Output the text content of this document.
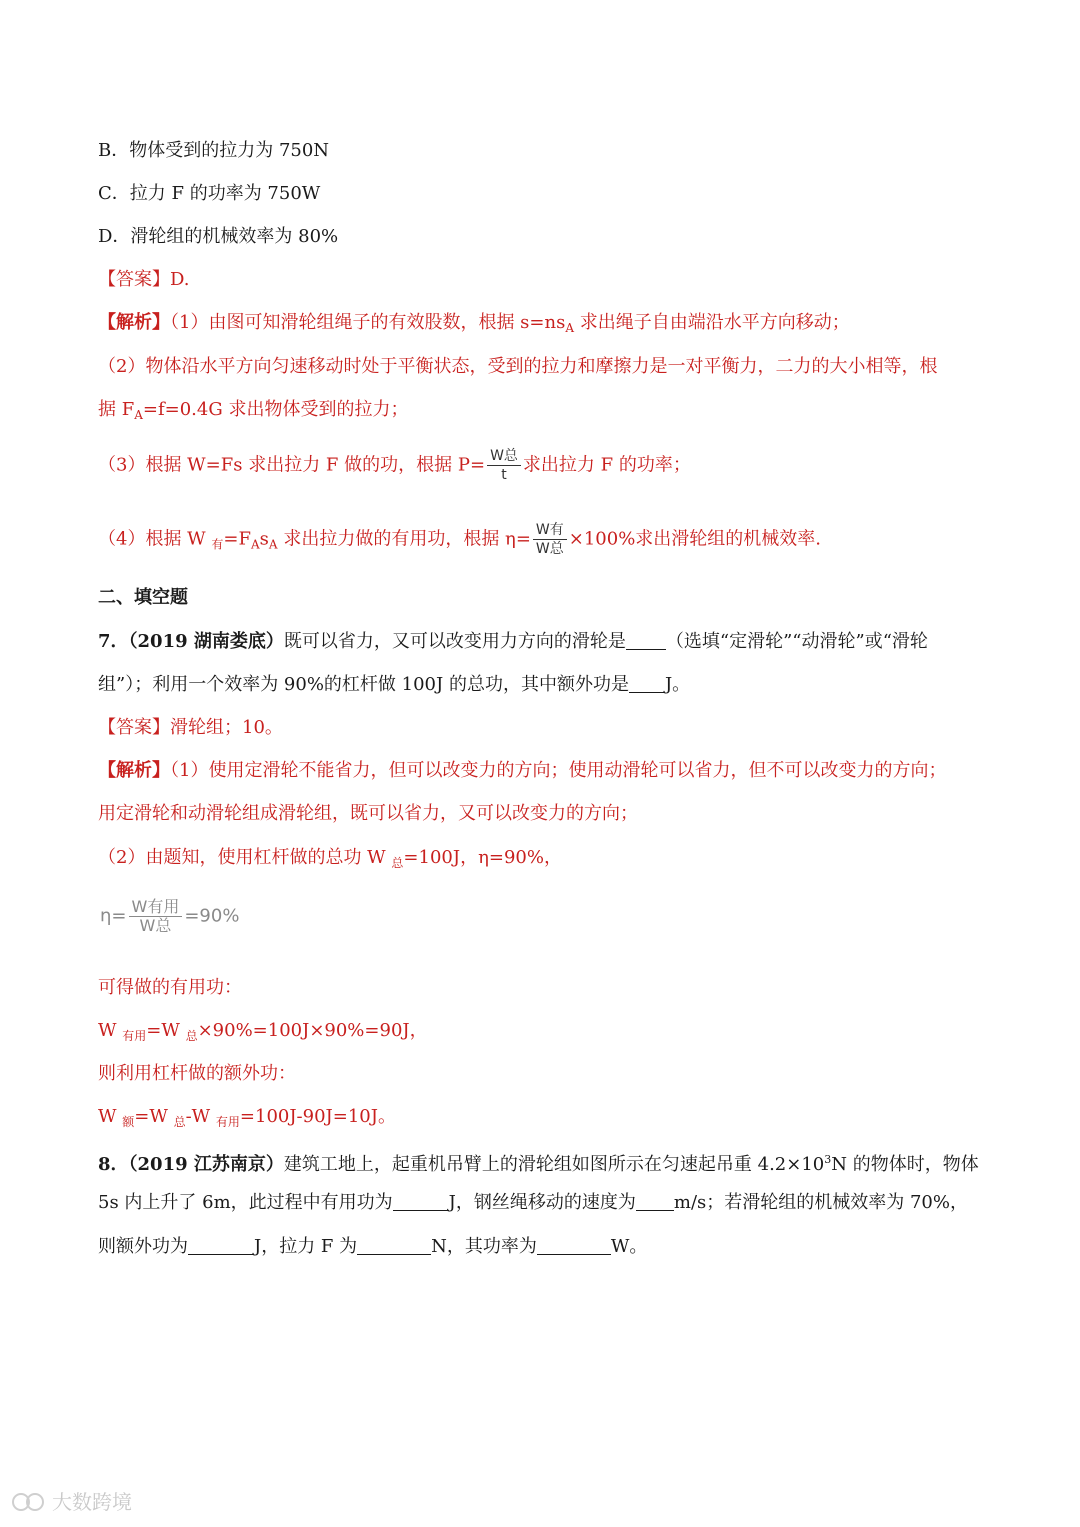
B．物体受到的拉力为 750N
C．拉力 F 的功率为 750W
D．滑轮组的机械效率为 80%
【答案】D.
【解析】（1）由图可知滑轮组绳子的有效股数，根据 $s=ns_A$ 求出绳子自由端沿水平方向移动；
（2）物体沿水平方向匀速移动时处于平衡状态，受到的拉力和摩擦力是一对平衡力，二力的大小相等，根
据 $F_A=f=0.4G$ 求出物体受到的拉力；
（3）根据 W=Fs 求出拉力 F 做的功，根据 $P= \frac{\text{W总}}{t}$ 求出拉力 F 的功率；
（4）根据 W $_有=F_As_A$ 求出拉力做的有用功，根据 $\eta= \frac{\text{W有}}{\text{W总}} \times 100\%$求出滑轮组的机械效率.
二、填空题
7．（2019 湖南娄底）既可以省力，又可以改变用力方向的滑轮是 （选填“定滑轮”“动滑轮”或“滑轮
组”）；利用一个效率为 90%的杠杆做 100J 的总功，其中额外功是 J。
【答案】滑轮组；10。
【解析】（1）使用定滑轮不能省力，但可以改变力的方向；使用动滑轮可以省力，但不可以改变力的方向；
用定滑轮和动滑轮组成滑轮组，既可以省力，又可以改变力的方向；
（2）由题知，使用杠杆做的总功 W $_总$=100J，η=90%，
$\eta= \frac{\text{W有用}}{\text{W总}} =90\%$
可得做的有用功：
W $_{有用}$=W $_总$×90%=100J×90%=90J，
则利用杠杆做的额外功：
W $_额$=W $_总$-W $_{有用}$=100J-90J=10J。
8．（2019 江苏南京）建筑工地上，起重机吊臂上的滑轮组如图所示在匀速起吊重 $4.2\times 10^3N$ 的物体时，物体
5s 内上升了 6m，此过程中有用功为	J，钢丝绳移动的速度为 m/s；若滑轮组的机械效率为 70%，
则额外功为	J，拉力 F 为	N，其功率为	W。
大数跨境
